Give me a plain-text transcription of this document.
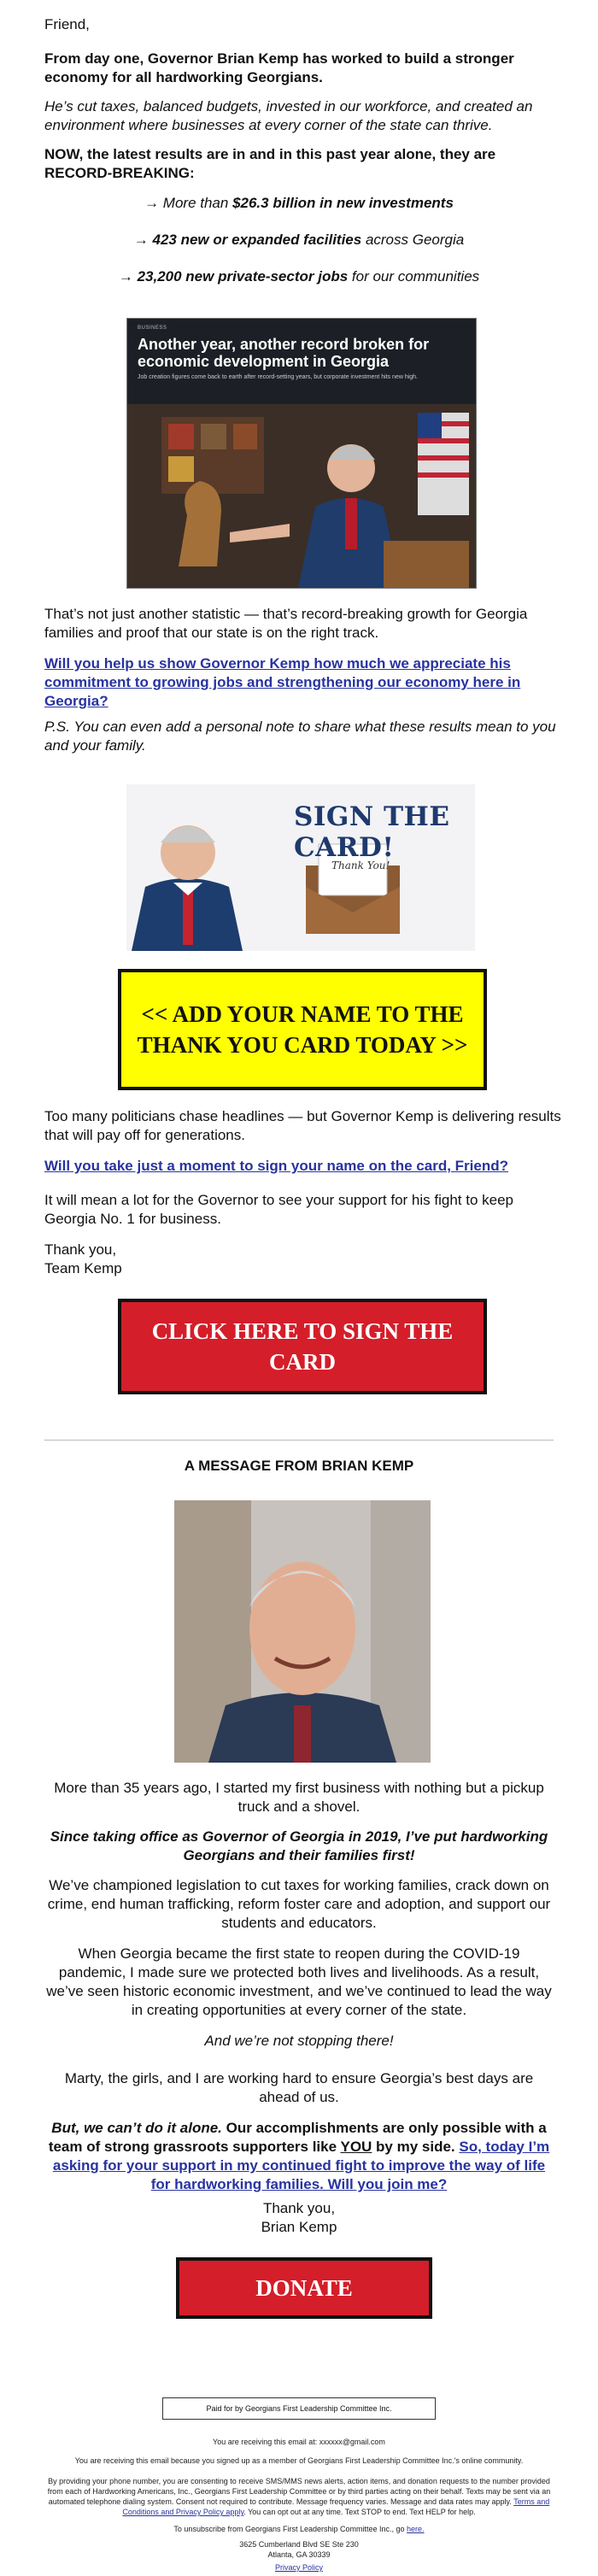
Friend,

From day one, Governor Brian Kemp has worked to build a stronger economy for all hardworking Georgians.

He’s cut taxes, balanced budgets, invested in our workforce, and created an environment where businesses at every corner of the state can thrive.

NOW, the latest results are in and in this past year alone, they are RECORD-BREAKING:

→ More than $26.3 billion in new investments

→ 423 new or expanded facilities across Georgia

→ 23,200 new private-sector jobs for our communities

BUSINESS
Another year, another record broken for economic development in Georgia
Job creation figures come back to earth after record-setting years, but corporate investment hits new high.

That’s not just another statistic — that’s record-breaking growth for Georgia families and proof that our state is on the right track.

Will you help us show Governor Kemp how much we appreciate his commitment to growing jobs and strengthening our economy here in Georgia?

P.S. You can even add a personal note to share what these results mean to you and your family.

SIGN THE CARD!
Thank You!
<< ADD YOUR NAME TO THE THANK YOU CARD TODAY >>

Too many politicians chase headlines — but Governor Kemp is delivering results that will pay off for generations.

Will you take just a moment to sign your name on the card, Friend?

It will mean a lot for the Governor to see your support for his fight to keep Georgia No. 1 for business.

Thank you,

Team Kemp

CLICK HERE TO SIGN THE CARD

A MESSAGE FROM BRIAN KEMP

More than 35 years ago, I started my first business with nothing but a pickup truck and a shovel.

Since taking office as Governor of Georgia in 2019, I’ve put hardworking Georgians and their families first!

We’ve championed legislation to cut taxes for working families, crack down on crime, end human trafficking, reform foster care and adoption, and support our students and educators.

When Georgia became the first state to reopen during the COVID-19 pandemic, I made sure we protected both lives and livelihoods. As a result, we’ve seen historic economic investment, and we’ve continued to lead the way in creating opportunities at every corner of the state.

And we’re not stopping there!

Marty, the girls, and I are working hard to ensure Georgia’s best days are ahead of us.

But, we can’t do it alone. Our accomplishments are only possible with a team of strong grassroots supporters like YOU by my side. So, today I’m asking for your support in my continued fight to improve the way of life for hardworking families. Will you join me?

Thank you,

Brian Kemp

DONATE
Paid for by Georgians First Leadership Committee Inc.

You are receiving this email at: xxxxxx@gmail.com

You are receiving this email because you signed up as a member of Georgians First Leadership Committee Inc.'s online community.

By providing your phone number, you are consenting to receive SMS/MMS news alerts, action items, and donation requests to the number provided from each of Hardworking Americans, Inc., Georgians First Leadership Committee or by third parties acting on their behalf. Texts may be sent via an automated telephone dialing system. Consent not required to contribute. Message frequency varies. Message and data rates may apply. Terms and Conditions and Privacy Policy apply. You can opt out at any time. Text STOP to end. Text HELP for help.

To unsubscribe from Georgians First Leadership Committee Inc., go here.

3625 Cumberland Blvd SE Ste 230

Atlanta, GA 30339

Privacy Policy
